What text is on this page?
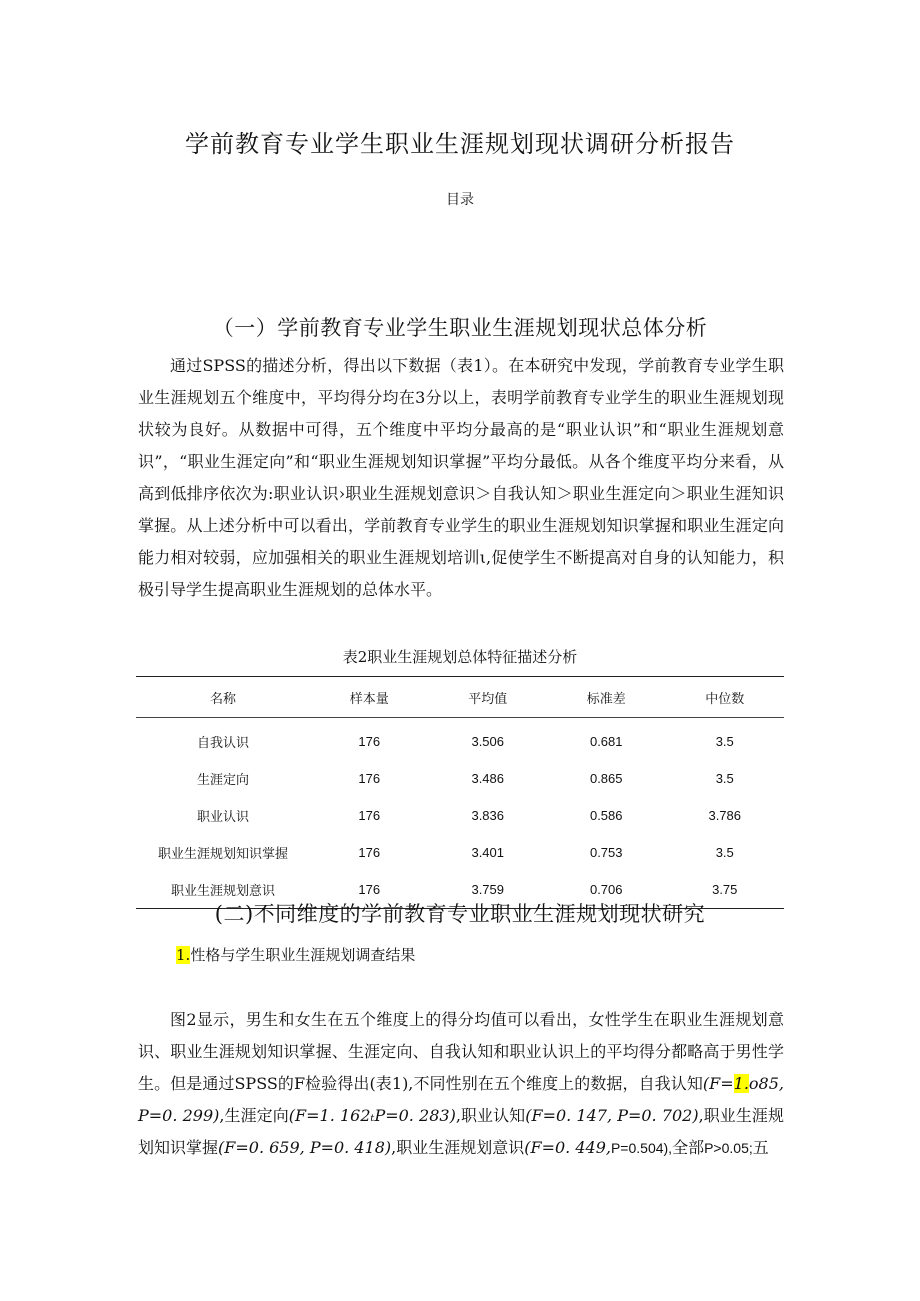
学前教育专业学生职业生涯规划现状调研分析报告
目录
（一）学前教育专业学生职业生涯规划现状总体分析
通过SPSS的描述分析，得出以下数据（表1）。在本研究中发现，学前教育专业学生职业生涯规划五个维度中，平均得分均在3分以上，表明学前教育专业学生的职业生涯规划现状较为良好。从数据中可得，五个维度中平均分最高的是“职业认识”和“职业生涯规划意识”，“职业生涯定向”和“职业生涯规划知识掌握”平均分最低。从各个维度平均分来看，从高到低排序依次为:职业认识›职业生涯规划意识＞自我认知＞职业生涯定向＞职业生涯知识掌握。从上述分析中可以看出，学前教育专业学生的职业生涯规划知识掌握和职业生涯定向能力相对较弱，应加强相关的职业生涯规划培训ι,促使学生不断提高对自身的认知能力，积极引导学生提高职业生涯规划的总体水平。
表2职业生涯规划总体特征描述分析
名称	样本量	平均值	标准差	中位数
自我认识	176	3.506	0.681	3.5
生涯定向	176	3.486	0.865	3.5
职业认识	176	3.836	0.586	3.786
职业生涯规划知识掌握	176	3.401	0.753	3.5
职业生涯规划意识	176	3.759	0.706	3.75
(二)不同维度的学前教育专业职业生涯规划现状研究
1.性格与学生职业生涯规划调查结果
图2显示，男生和女生在五个维度上的得分均值可以看出，女性学生在职业生涯规划意识、职业生涯规划知识掌握、生涯定向、自我认知和职业认识上的平均得分都略高于男性学生。但是通过SPSS的F检验得出(表1),不同性别在五个维度上的数据，自我认知(F=1.o85, P=0. 299),生涯定向(F=1. 162ₜP=0. 283),职业认知(F=0. 147, P=0. 702),职业生涯规划知识掌握(F=0. 659, P=0. 418),职业生涯规划意识(F=0. 449,P=0.504),全部P>0.05;五
